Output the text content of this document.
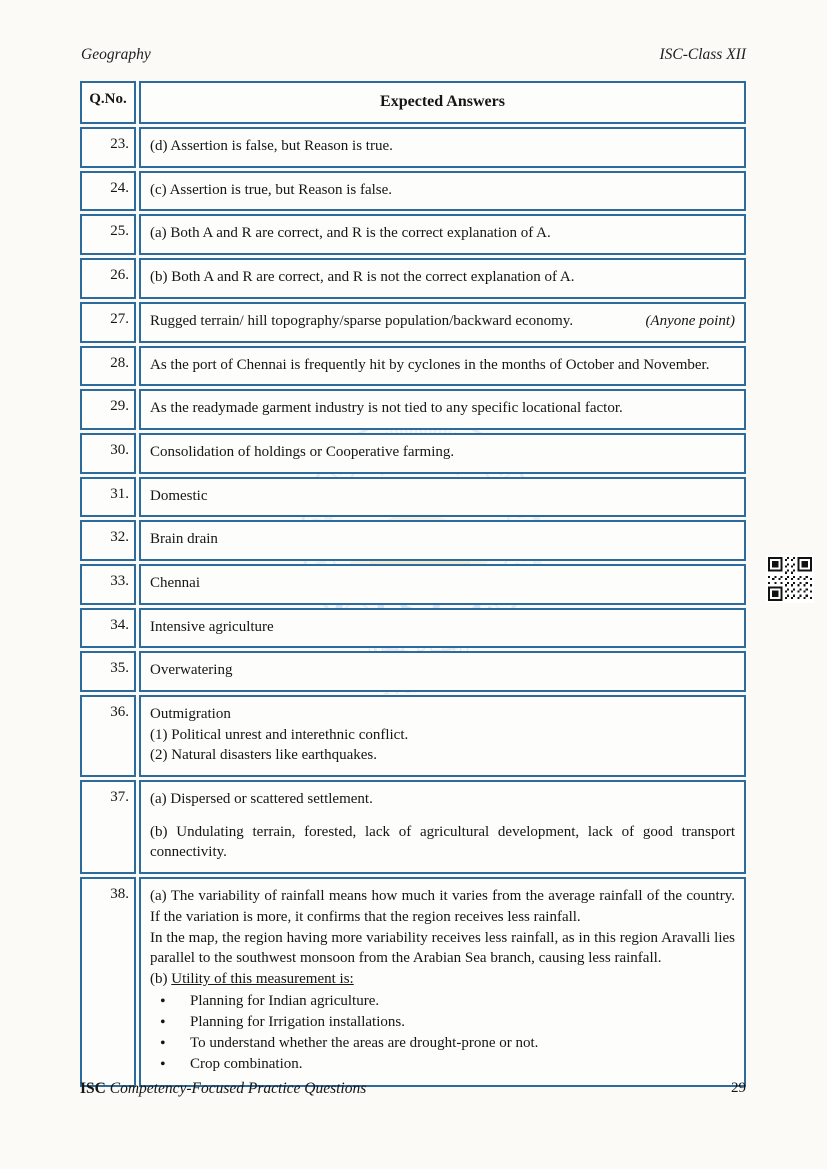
Geography	ISC-Class XII
Q.No.	Expected Answers
23.	(d) Assertion is false, but Reason is true.

24.	(c) Assertion is true, but Reason is false.

25.	(a) Both A and R are correct, and R is the correct explanation of A.

26.	(b) Both A and R are correct, and R is not the correct explanation of A.

27.	Rugged terrain/ hill topography/sparse population/backward economy.	(Anyone point)

28.	As the port of Chennai is frequently hit by cyclones in the months of October and November.

29.	As the readymade garment industry is not tied to any specific locational factor.

30.	Consolidation of holdings or Cooperative farming.

31.	Domestic

32.	Brain drain

33.	Chennai

34.	Intensive agriculture

35.	Overwatering

36.	Outmigration

(1) Political unrest and interethnic conflict.

(2) Natural disasters like earthquakes.

37.	(a) Dispersed or scattered settlement.

(b) Undulating terrain, forested, lack of agricultural development, lack of good transport connectivity.

38.	(a) The variability of rainfall means how much it varies from the average rainfall of the country. If the variation is more, it confirms that the region receives less rainfall.

In the map, the region having more variability receives less rainfall, as in this region Aravalli lies parallel to the southwest monsoon from the Arabian Sea branch, causing less rainfall.

(b) Utility of this measurement is:

• Planning for Indian agriculture.
• Planning for Irrigation installations.
• To understand whether the areas are drought-prone or not.
• Crop combination.
ISC Competency-Focused Practice Questions	29
